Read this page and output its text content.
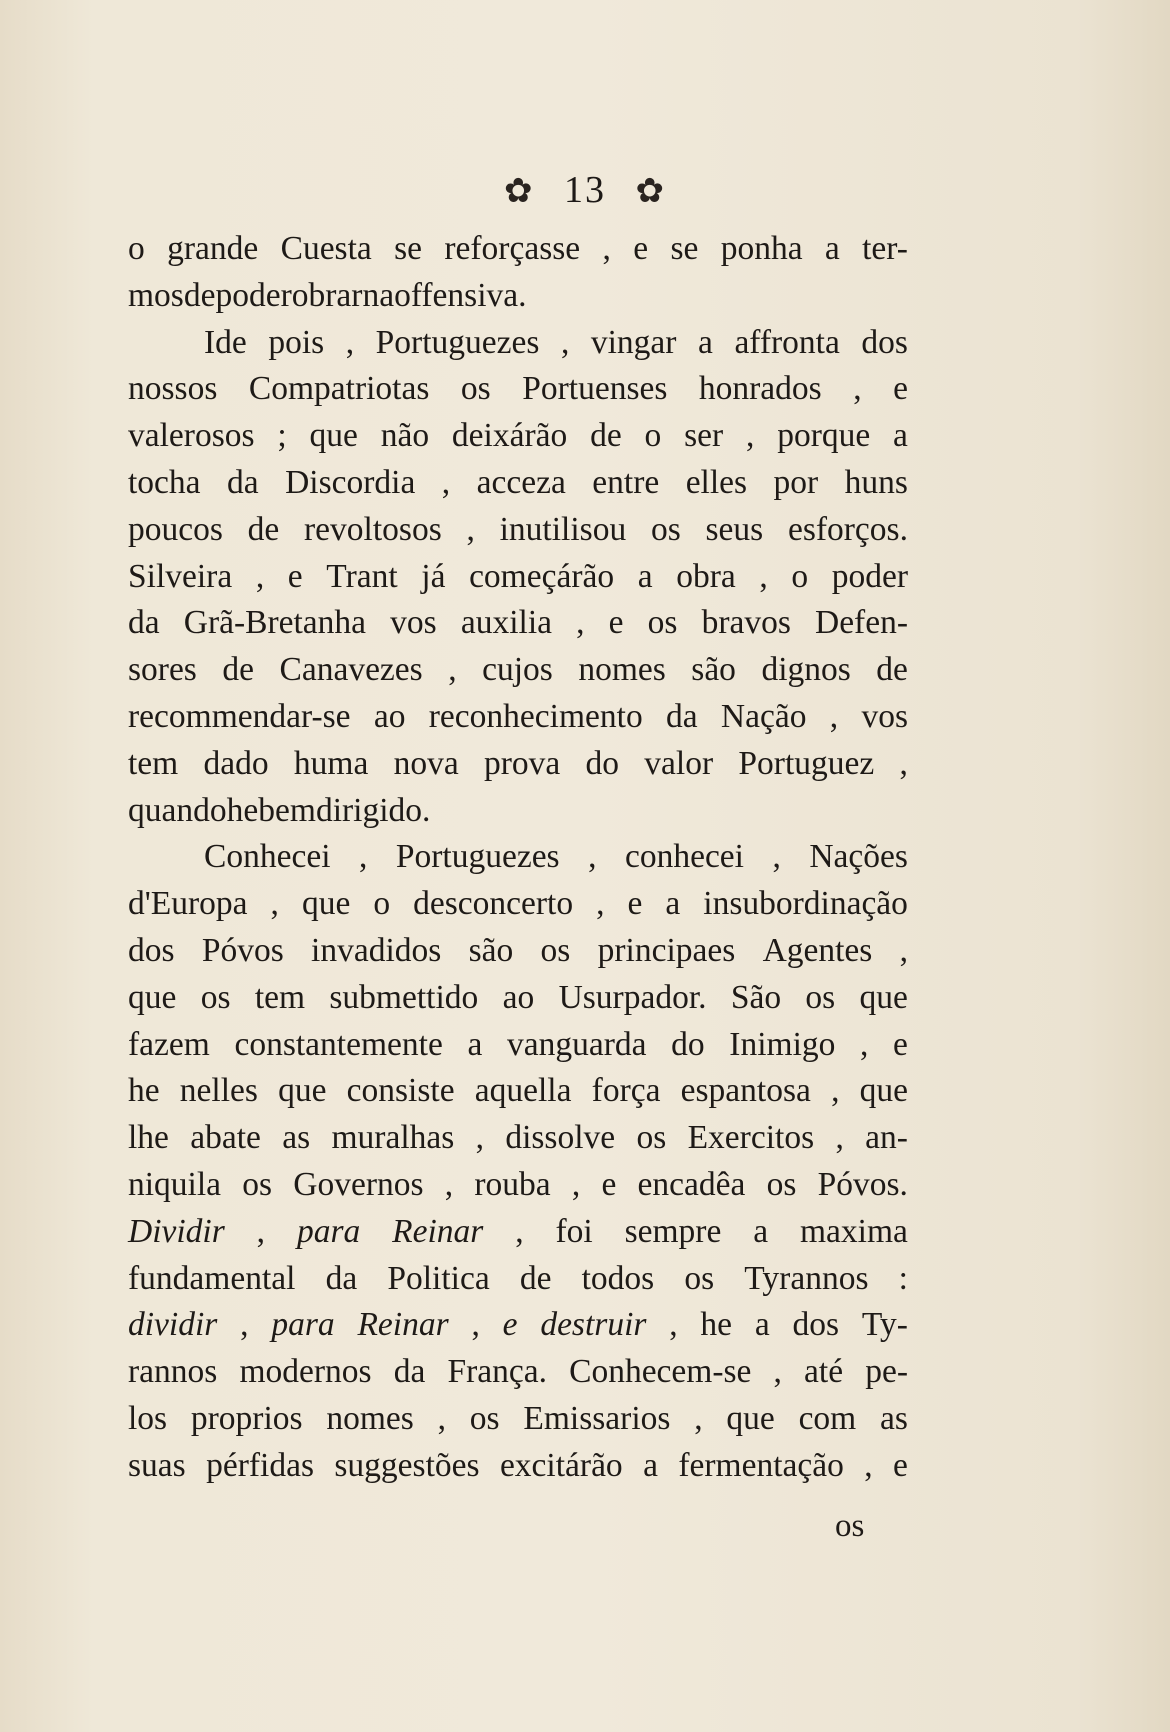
✿ 13 ✿
o grande Cuesta se reforçasse , e se ponha a ter-
mos de poder obrar na offensiva.
Ide pois , Portuguezes , vingar a affronta dos
nossos Compatriotas os Portuenses honrados , e
valerosos ; que não deixárão de o ser , porque a
tocha da Discordia , acceza entre elles por huns
poucos de revoltosos , inutilisou os seus esforços.
Silveira , e Trant já começárão a obra , o poder
da Grã-Bretanha vos auxilia , e os bravos Defen-
sores de Canavezes , cujos nomes são dignos de
recommendar-se ao reconhecimento da Nação , vos
tem dado huma nova prova do valor Portuguez ,
quando he bem dirigido.
Conhecei , Portuguezes , conhecei , Nações
d'Europa , que o desconcerto , e a insubordinação
dos Póvos invadidos são os principaes Agentes ,
que os tem submettido ao Usurpador. São os que
fazem constantemente a vanguarda do Inimigo , e
he nelles que consiste aquella força espantosa , que
lhe abate as muralhas , dissolve os Exercitos , an-
niquila os Governos , rouba , e encadêa os Póvos.
Dividir , para Reinar , foi sempre a maxima
fundamental da Politica de todos os Tyrannos :
dividir , para Reinar , e destruir , he a dos Ty-
rannos modernos da França. Conhecem-se , até pe-
los proprios nomes , os Emissarios , que com as
suas pérfidas suggestões excitárão a fermentação , e
os
